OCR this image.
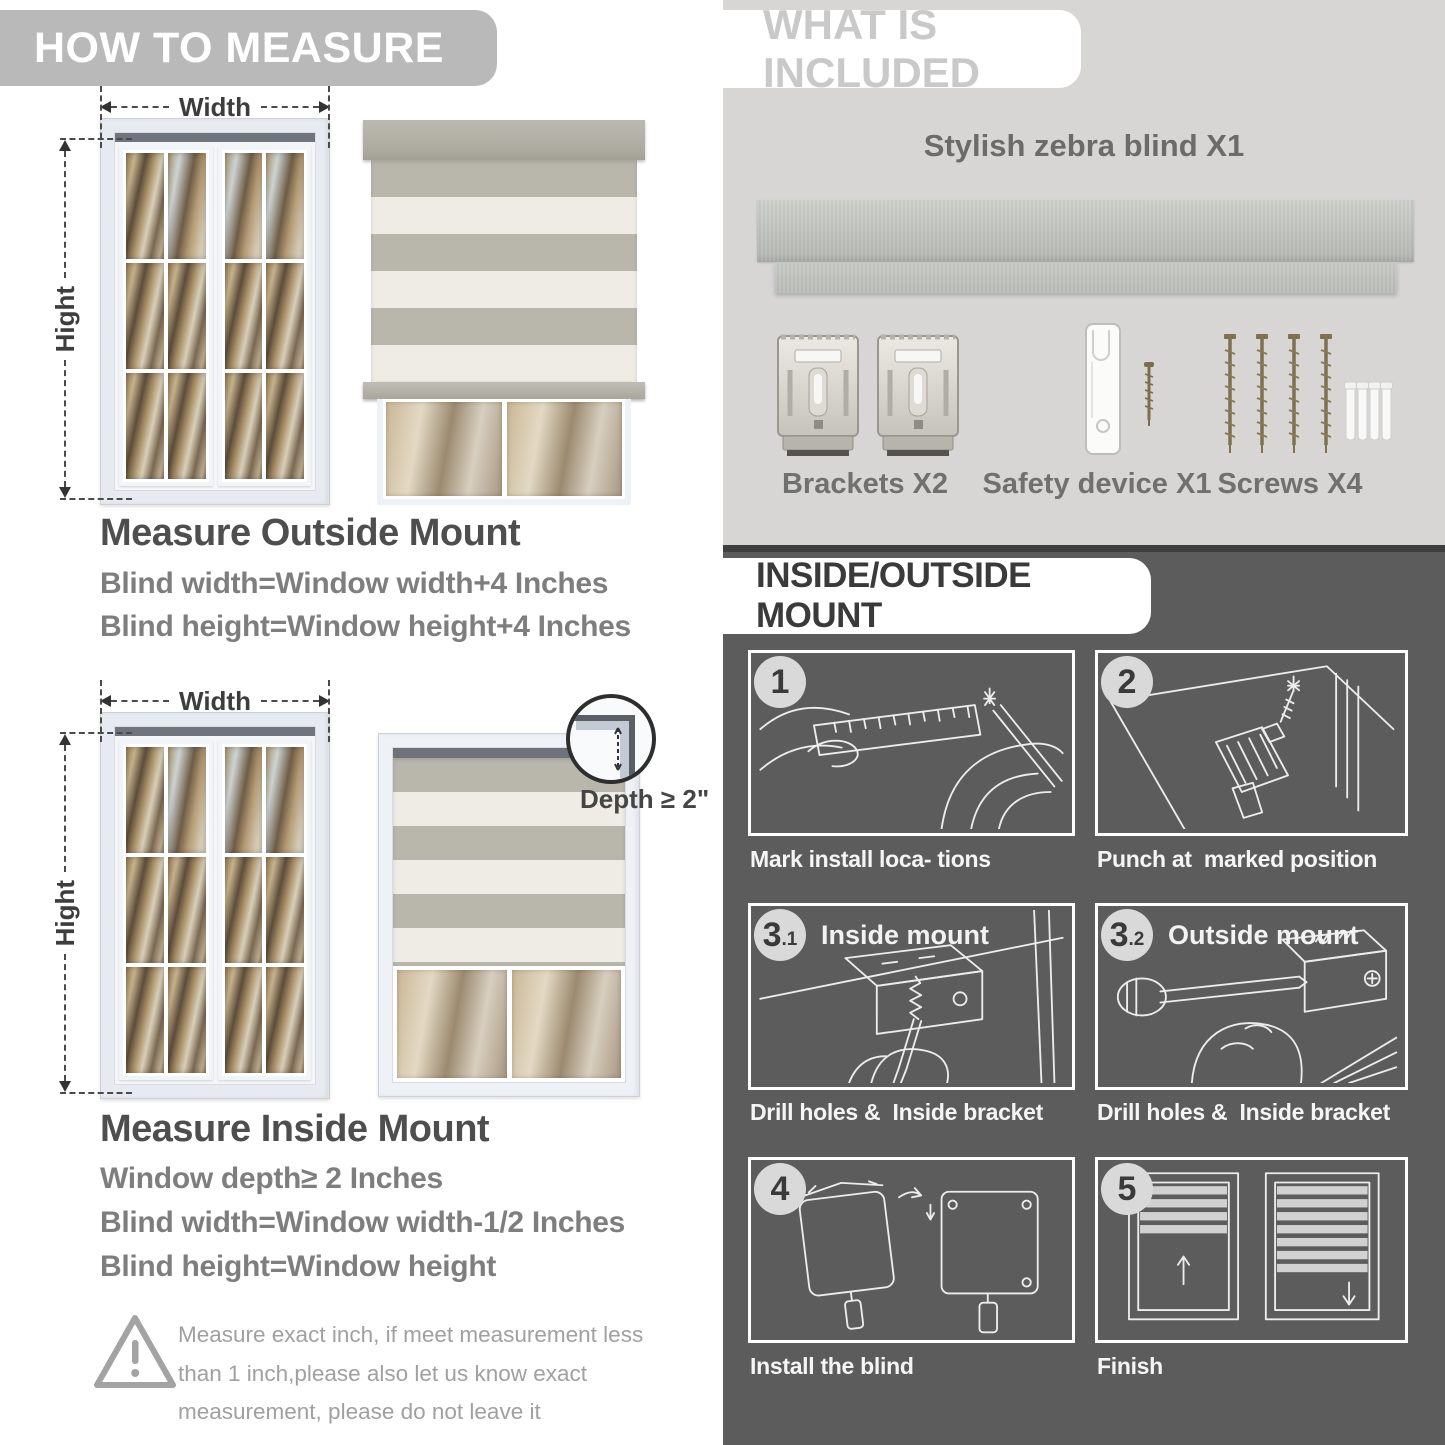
HOW TO MEASURE
Width
Hight
Measure Outside Mount
Blind width=Window width+4 Inches
Blind height=Window height+4 Inches
Width
Hight
Depth ≥ 2"
Measure Inside Mount
Window depth≥ 2 Inches
Blind width=Window width-1/2 Inches
Blind height=Window height
Measure exact inch, if meet measurement less than 1 inch,please also let us know exact measurement, please do not leave it
WHAT IS INCLUDED
Stylish zebra blind X1
Brackets X2 Safety device X1 Screws X4
INSIDE/OUTSIDE MOUNT
1
Mark install loca- tions
2
Punch at  marked position
3 .1 Inside mount
Drill holes &  Inside bracket
3 .2 Outside mount
Drill holes &  Inside bracket
4
Install the blind
5
Finish
